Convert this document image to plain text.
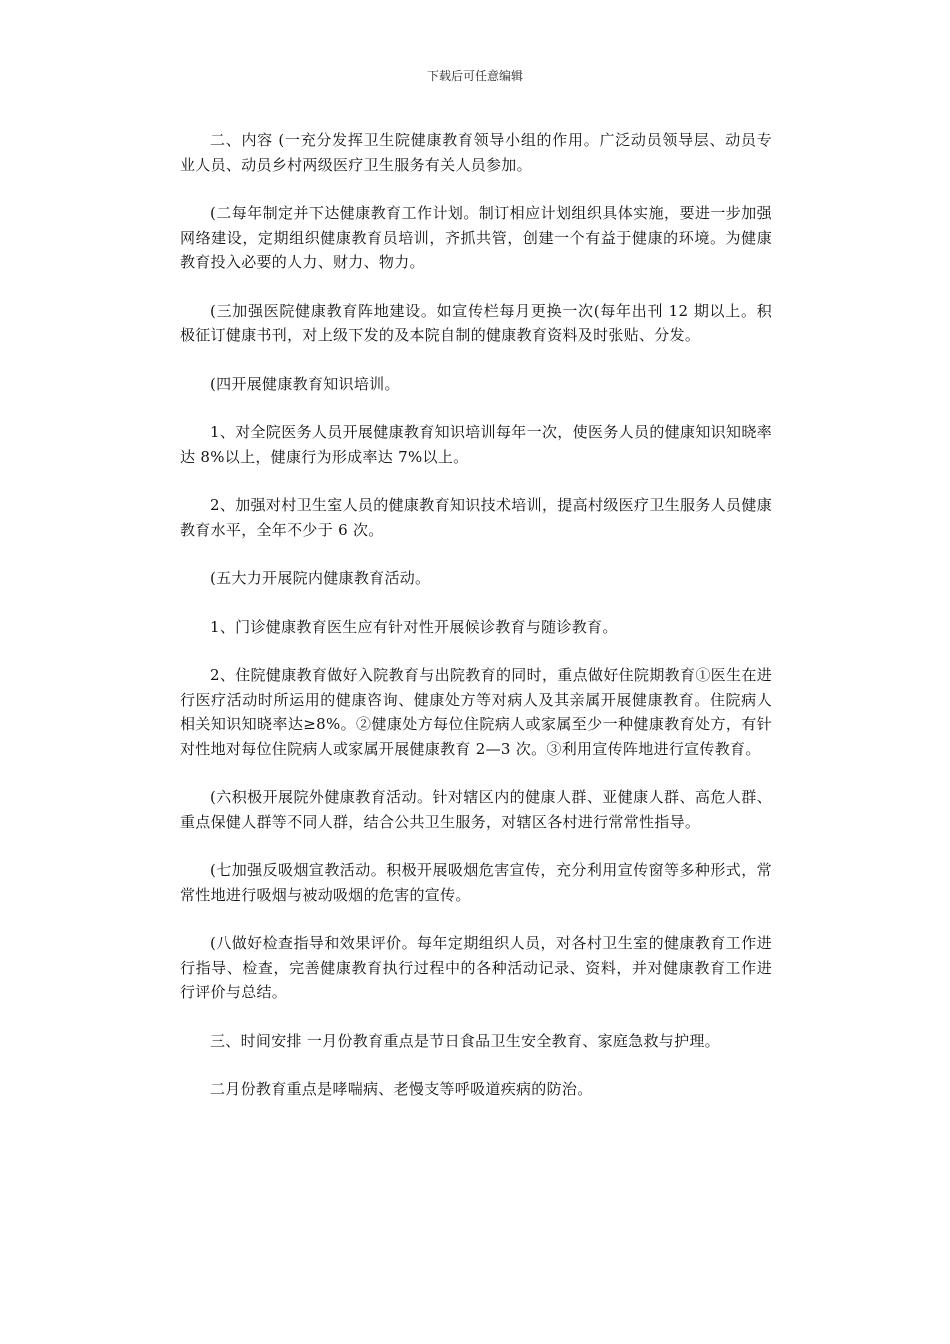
下载后可任意编辑

二、内容 (一充分发挥卫生院健康教育领导小组的作用。广泛动员领导层、动员专业人员、动员乡村两级医疗卫生服务有关人员参加。

(二每年制定并下达健康教育工作计划。制订相应计划组织具体实施，要进一步加强网络建设，定期组织健康教育员培训，齐抓共管，创建一个有益于健康的环境。为健康教育投入必要的人力、财力、物力。

(三加强医院健康教育阵地建设。如宣传栏每月更换一次(每年出刊 12 期以上。积极征订健康书刊，对上级下发的及本院自制的健康教育资料及时张贴、分发。

(四开展健康教育知识培训。

1、对全院医务人员开展健康教育知识培训每年一次，使医务人员的健康知识知晓率达 8%以上，健康行为形成率达 7%以上。

2、加强对村卫生室人员的健康教育知识技术培训，提高村级医疗卫生服务人员健康教育水平，全年不少于 6 次。

(五大力开展院内健康教育活动。

1、门诊健康教育医生应有针对性开展候诊教育与随诊教育。

2、住院健康教育做好入院教育与出院教育的同时，重点做好住院期教育①医生在进行医疗活动时所运用的健康咨询、健康处方等对病人及其亲属开展健康教育。住院病人相关知识知晓率达≥8%。②健康处方每位住院病人或家属至少一种健康教育处方，有针对性地对每位住院病人或家属开展健康教育 2—3 次。③利用宣传阵地进行宣传教育。

(六积极开展院外健康教育活动。针对辖区内的健康人群、亚健康人群、高危人群、重点保健人群等不同人群，结合公共卫生服务，对辖区各村进行常常性指导。

(七加强反吸烟宣教活动。积极开展吸烟危害宣传，充分利用宣传窗等多种形式，常常性地进行吸烟与被动吸烟的危害的宣传。

(八做好检查指导和效果评价。每年定期组织人员，对各村卫生室的健康教育工作进行指导、检查，完善健康教育执行过程中的各种活动记录、资料，并对健康教育工作进行评价与总结。

三、时间安排 一月份教育重点是节日食品卫生安全教育、家庭急救与护理。

二月份教育重点是哮喘病、老慢支等呼吸道疾病的防治。
